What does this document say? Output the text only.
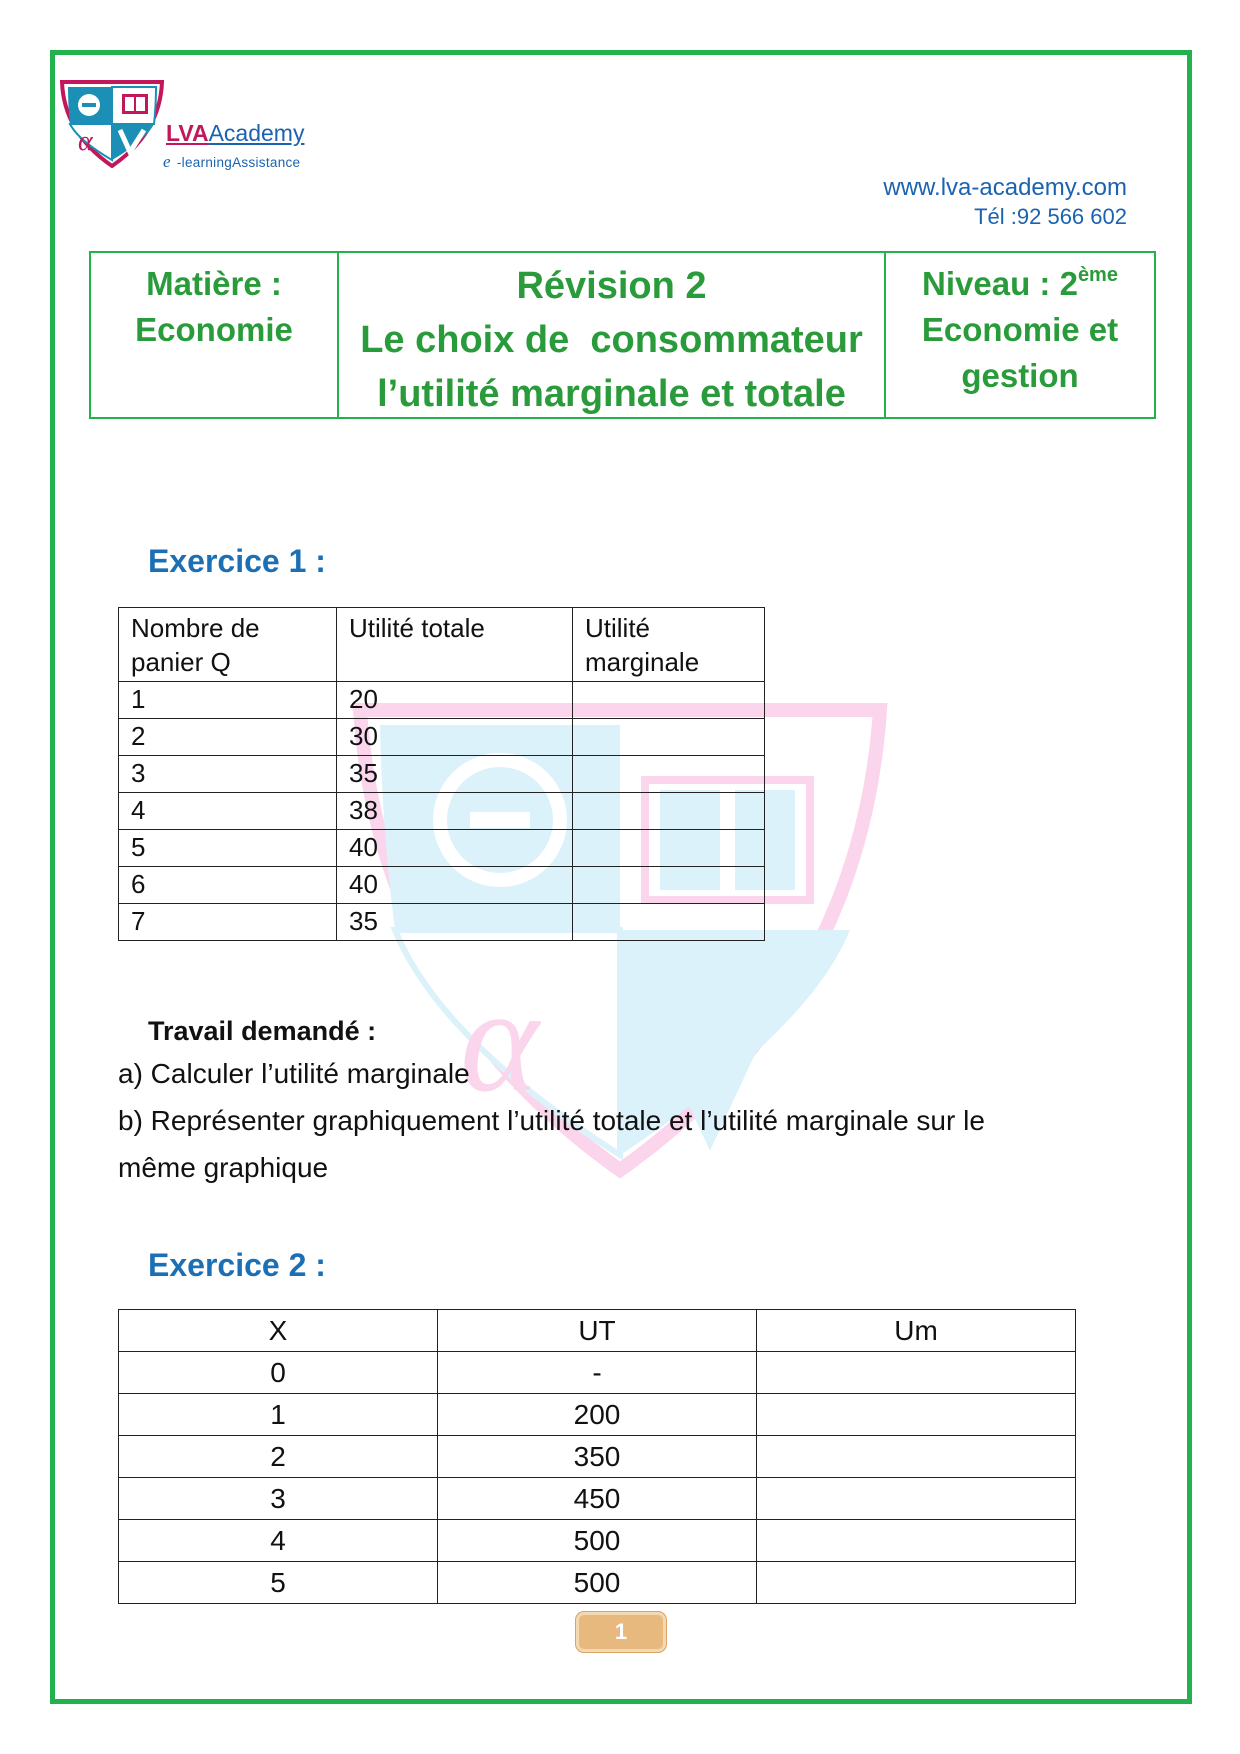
α	LVAAcademy
e -learningAssistance
www.lva-academy.com
Tél :92 566 602
Matière :
Economie
Révision 2
Le choix de  consommateur
l’utilité marginale et totale
Niveau : 2ème
Economie et
gestion
α
Exercice 1 :
Nombre de panier Q	Utilité totale	Utilité marginale
1	20	
2	30	
3	35	
4	38	
5	40	
6	40	
7	35	
Travail demandé :
a) Calculer l’utilité marginale
b) Représenter graphiquement l’utilité totale et l’utilité marginale sur le
même graphique
Exercice 2 :
X	UT	Um
0	-	
1	200	
2	350	
3	450	
4	500	
5	500	
1
